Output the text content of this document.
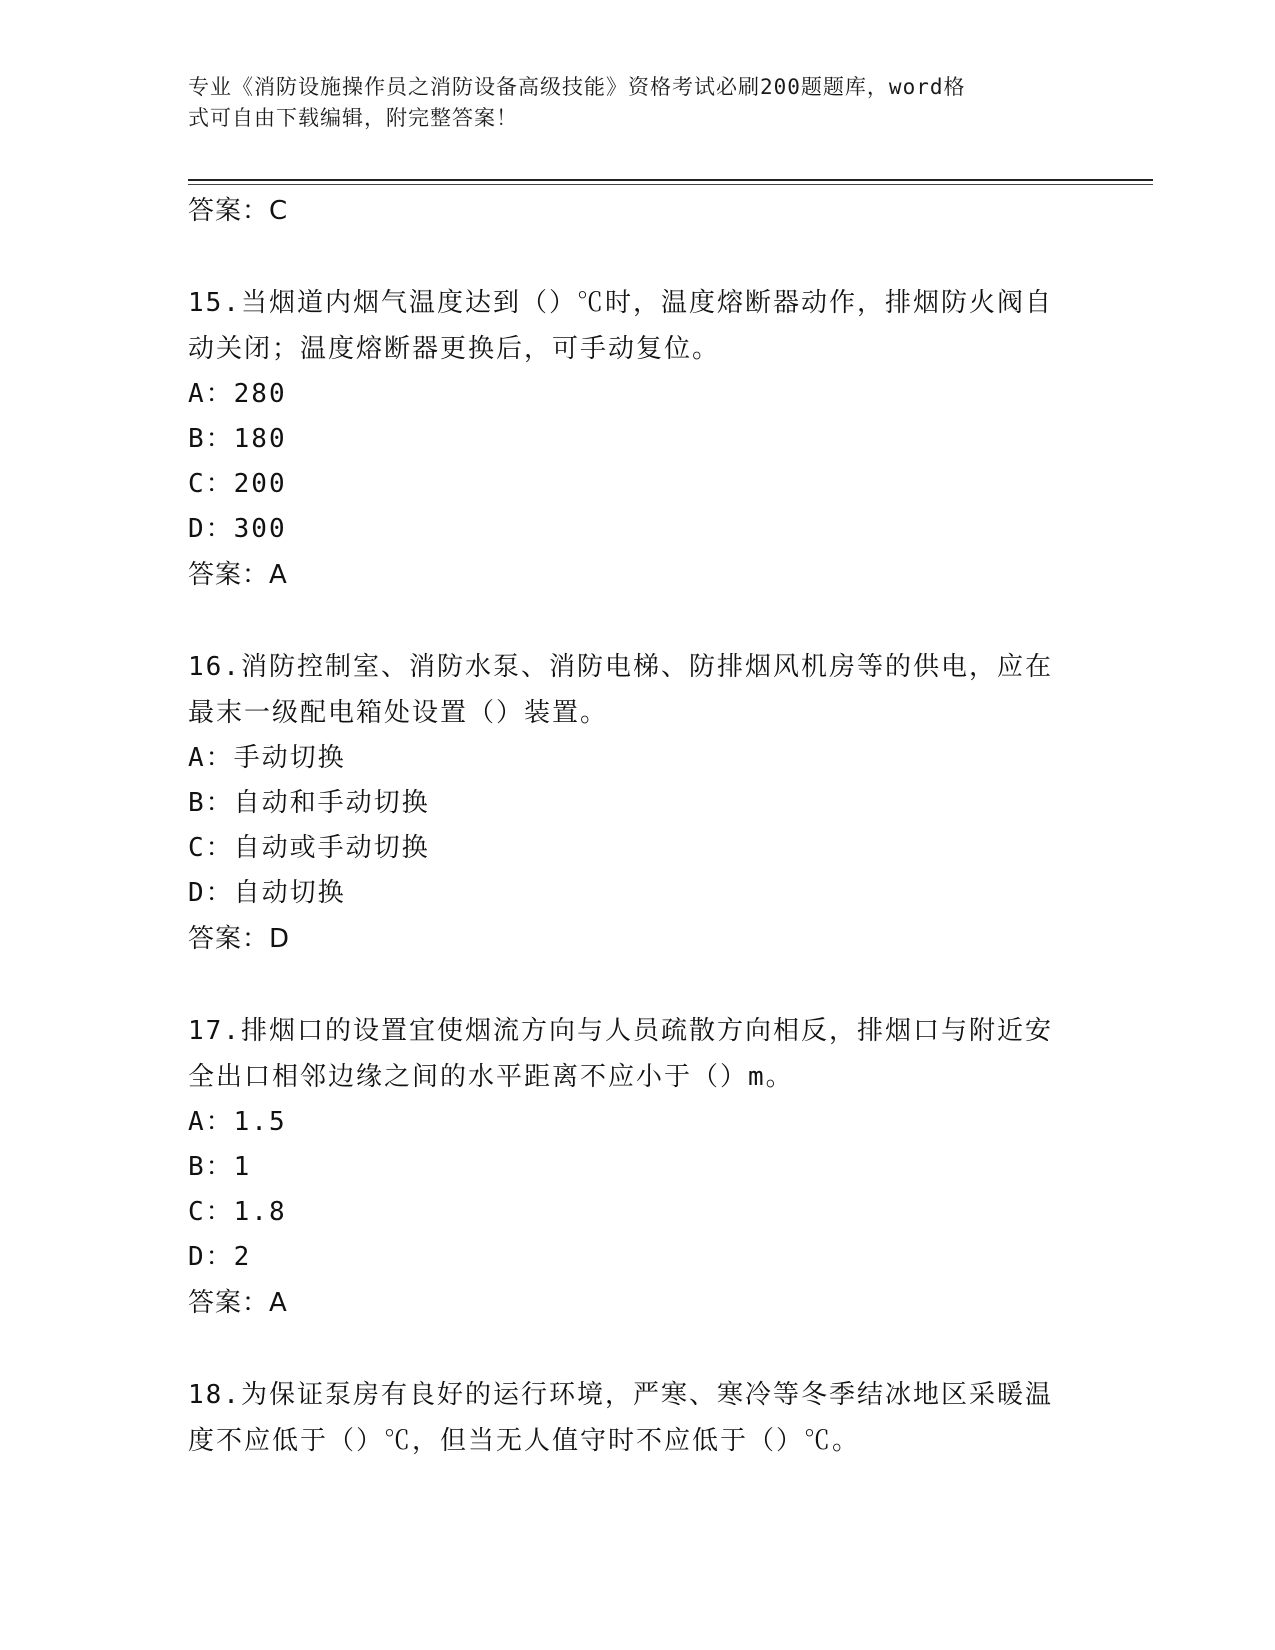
专业《消防设施操作员之消防设备高级技能》资格考试必刷200题题库，word格
式可自由下载编辑，附完整答案！
答案：C
15.当烟道内烟气温度达到（）℃时，温度熔断器动作，排烟防火阀自
动关闭；温度熔断器更换后，可手动复位。
A：280
B：180
C：200
D：300
答案：A
16.消防控制室、消防水泵、消防电梯、防排烟风机房等的供电，应在
最末一级配电箱处设置（）装置。
A：手动切换
B：自动和手动切换
C：自动或手动切换
D：自动切换
答案：D
17.排烟口的设置宜使烟流方向与人员疏散方向相反，排烟口与附近安
全出口相邻边缘之间的水平距离不应小于（）m。
A：1.5
B：1
C：1.8
D：2
答案：A
18.为保证泵房有良好的运行环境，严寒、寒冷等冬季结冰地区采暖温
度不应低于（）℃，但当无人值守时不应低于（）℃。
